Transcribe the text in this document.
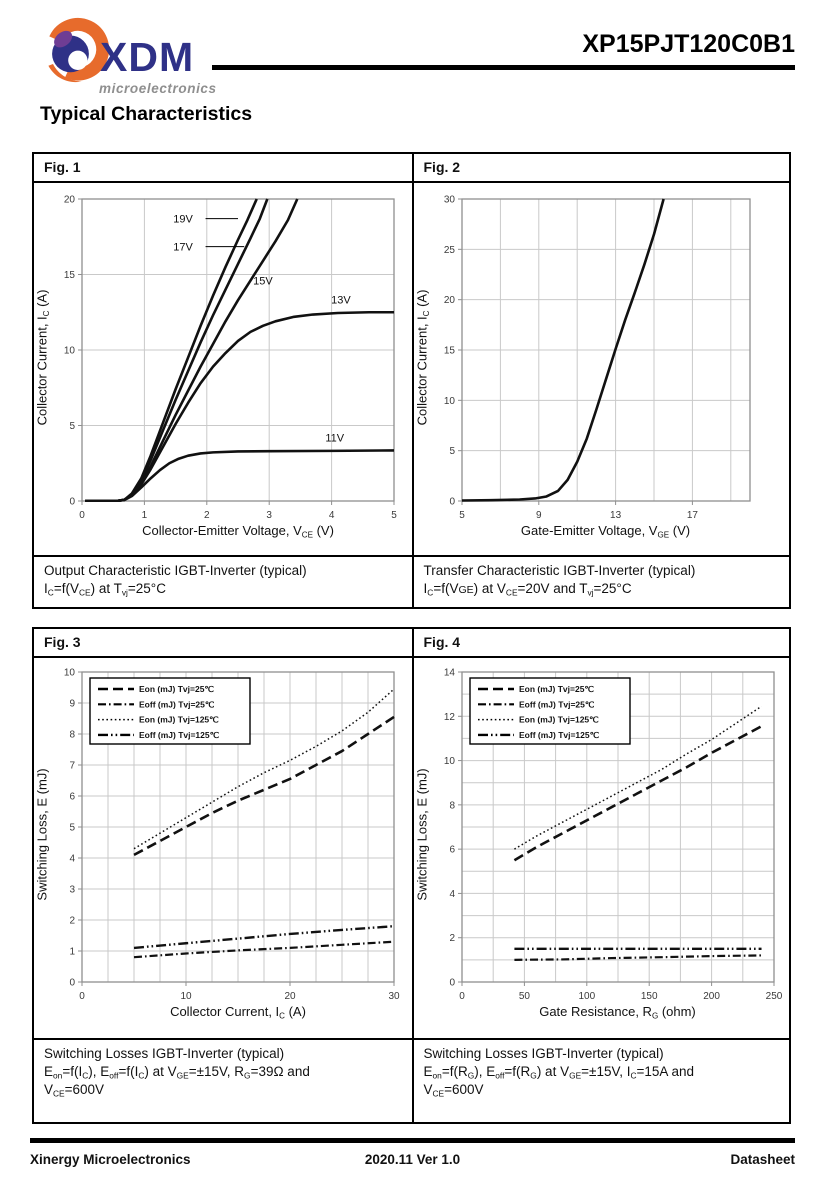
XDM
microelectronics
XP15PJT120C0B1
Typical Characteristics
Fig. 1	Fig. 2
0	1	2	3	4	5
0
5
10
15
20
19V
17V
15V
13V
11V
Collector-Emitter Voltage, $V_{CE}$ (V)
Collector Current, $I_C$ (A)
5	9	13	17
0
5
10
15
20
25
30
Gate-Emitter Voltage, $V_{GE}$ (V)
Collector Current, $I_C$ (A)
Output Characteristic IGBT-Inverter (typical)
$I_C=f(V_{CE})$ at $T_{vj}=25^\circ C$
Transfer Characteristic IGBT-Inverter (typical)
$I_C=f(VGE)$ at $V_{CE}=20V$ and $T_{vj}=25^\circ C$
Fig. 3	Fig. 4
0	10	20	30
0
1
2
3
4
5
6
7
8
9
10
Eon (mJ) Tvj=25℃
Eoff (mJ) Tvj=25℃
Eon (mJ) Tvj=125℃
Eoff (mJ) Tvj=125℃
Collector Current, $I_C$ (A)
Switching Loss, E (mJ)
0	50	100	150	200	250
0
2
4
6
8
10
12
14
Eon (mJ) Tvj=25℃
Eoff (mJ) Tvj=25℃
Eon (mJ) Tvj=125℃
Eoff (mJ) Tvj=125℃
Gate Resistance, $R_G$ (ohm)
Switching Loss, E (mJ)
Switching Losses IGBT-Inverter (typical)
$E_{on}=f(I_C)$, $E_{off}=f(I_C)$ at $V_{GE}=\pm 15V$, $R_G=39\Omega$ and
$V_{CE}=600V$
Switching Losses IGBT-Inverter (typical)
$E_{on}=f(R_G)$, $E_{off}=f(R_G)$ at $V_{GE}=\pm 15V$, $I_C=15A$ and
$V_{CE}=600V$
Xinergy Microelectronics	2020.11 Ver 1.0	Datasheet
